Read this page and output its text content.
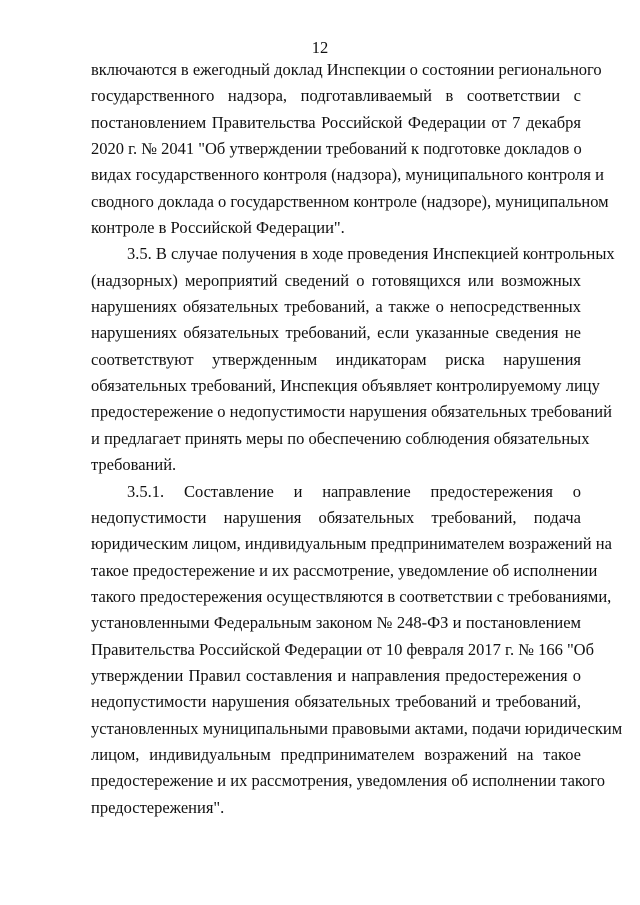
12
включаются в ежегодный доклад Инспекции о состоянии регионального
государственного надзора, подготавливаемый в соответствии с
постановлением Правительства Российской Федерации от 7 декабря
2020 г. № 2041 "Об утверждении требований к подготовке докладов о
видах государственного контроля (надзора), муниципального контроля и
сводного доклада о государственном контроле (надзоре), муниципальном
контроле в Российской Федерации".
3.5. В случае получения в ходе проведения Инспекцией контрольных
(надзорных) мероприятий сведений о готовящихся или возможных
нарушениях обязательных требований, а также о непосредственных
нарушениях обязательных требований, если указанные сведения не
соответствуют утвержденным индикаторам риска нарушения
обязательных требований, Инспекция объявляет контролируемому лицу
предостережение о недопустимости нарушения обязательных требований
и предлагает принять меры по обеспечению соблюдения обязательных
требований.
3.5.1. Составление и направление предостережения о
недопустимости нарушения обязательных требований, подача
юридическим лицом, индивидуальным предпринимателем возражений на
такое предостережение и их рассмотрение, уведомление об исполнении
такого предостережения осуществляются в соответствии с требованиями,
установленными Федеральным законом № 248-ФЗ и постановлением
Правительства Российской Федерации от 10 февраля 2017 г. № 166 "Об
утверждении Правил составления и направления предостережения о
недопустимости нарушения обязательных требований и требований,
установленных муниципальными правовыми актами, подачи юридическим
лицом, индивидуальным предпринимателем возражений на такое
предостережение и их рассмотрения, уведомления об исполнении такого
предостережения".
